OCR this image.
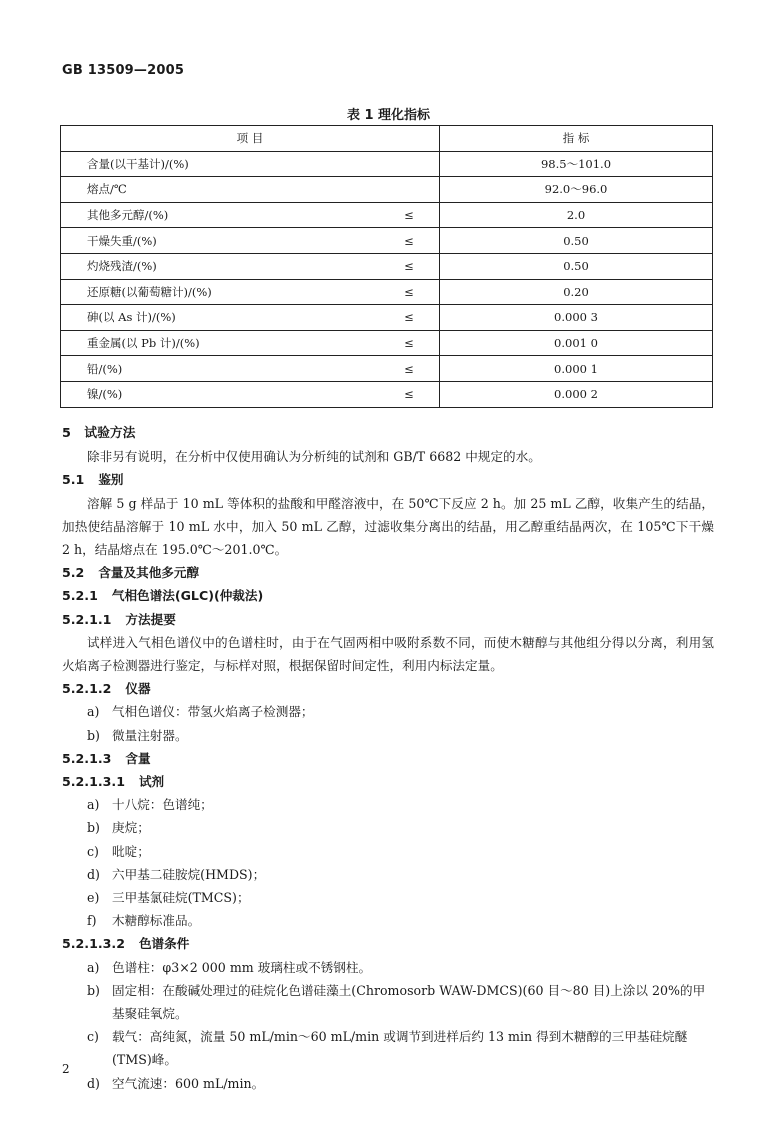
GB 13509—2005
表 1 理化指标
项 目		指 标
含量(以干基计)/(%)		98.5～101.0
熔点/℃		92.0～96.0
其他多元醇/(%)	≤	2.0
干燥失重/(%)	≤	0.50
灼烧残渣/(%)	≤	0.50
还原糖(以葡萄糖计)/(%)	≤	0.20
砷(以 As 计)/(%)	≤	0.000 3
重金属(以 Pb 计)/(%)	≤	0.001 0
铅/(%)	≤	0.000 1
镍/(%)	≤	0.000 2
5 试验方法
除非另有说明，在分析中仅使用确认为分析纯的试剂和 GB/T 6682 中规定的水。
5.1 鉴别
溶解 5 g 样品于 10 mL 等体积的盐酸和甲醛溶液中，在 50℃下反应 2 h。加 25 mL 乙醇，收集产生的结晶，加热使结晶溶解于 10 mL 水中，加入 50 mL 乙醇，过滤收集分离出的结晶，用乙醇重结晶两次，在 105℃下干燥 2 h，结晶熔点在 195.0℃～201.0℃。
5.2 含量及其他多元醇
5.2.1 气相色谱法(GLC)(仲裁法)
5.2.1.1 方法提要
试样进入气相色谱仪中的色谱柱时，由于在气固两相中吸附系数不同，而使木糖醇与其他组分得以分离，利用氢火焰离子检测器进行鉴定，与标样对照，根据保留时间定性，利用内标法定量。
5.2.1.2 仪器
a) 气相色谱仪：带氢火焰离子检测器；
b) 微量注射器。
5.2.1.3 含量
5.2.1.3.1 试剂
a) 十八烷：色谱纯；
b) 庚烷；
c) 吡啶；
d) 六甲基二硅胺烷(HMDS)；
e) 三甲基氯硅烷(TMCS)；
f) 木糖醇标准品。
5.2.1.3.2 色谱条件
a) 色谱柱：φ3×2 000 mm 玻璃柱或不锈钢柱。
b) 固定相：在酸碱处理过的硅烷化色谱硅藻土(Chromosorb WAW-DMCS)(60 目～80 目)上涂以 20%的甲基聚硅氧烷。
c) 载气：高纯氮，流量 50 mL/min～60 mL/min 或调节到进样后约 13 min 得到木糖醇的三甲基硅烷醚(TMS)峰。
d) 空气流速：600 mL/min。
2
